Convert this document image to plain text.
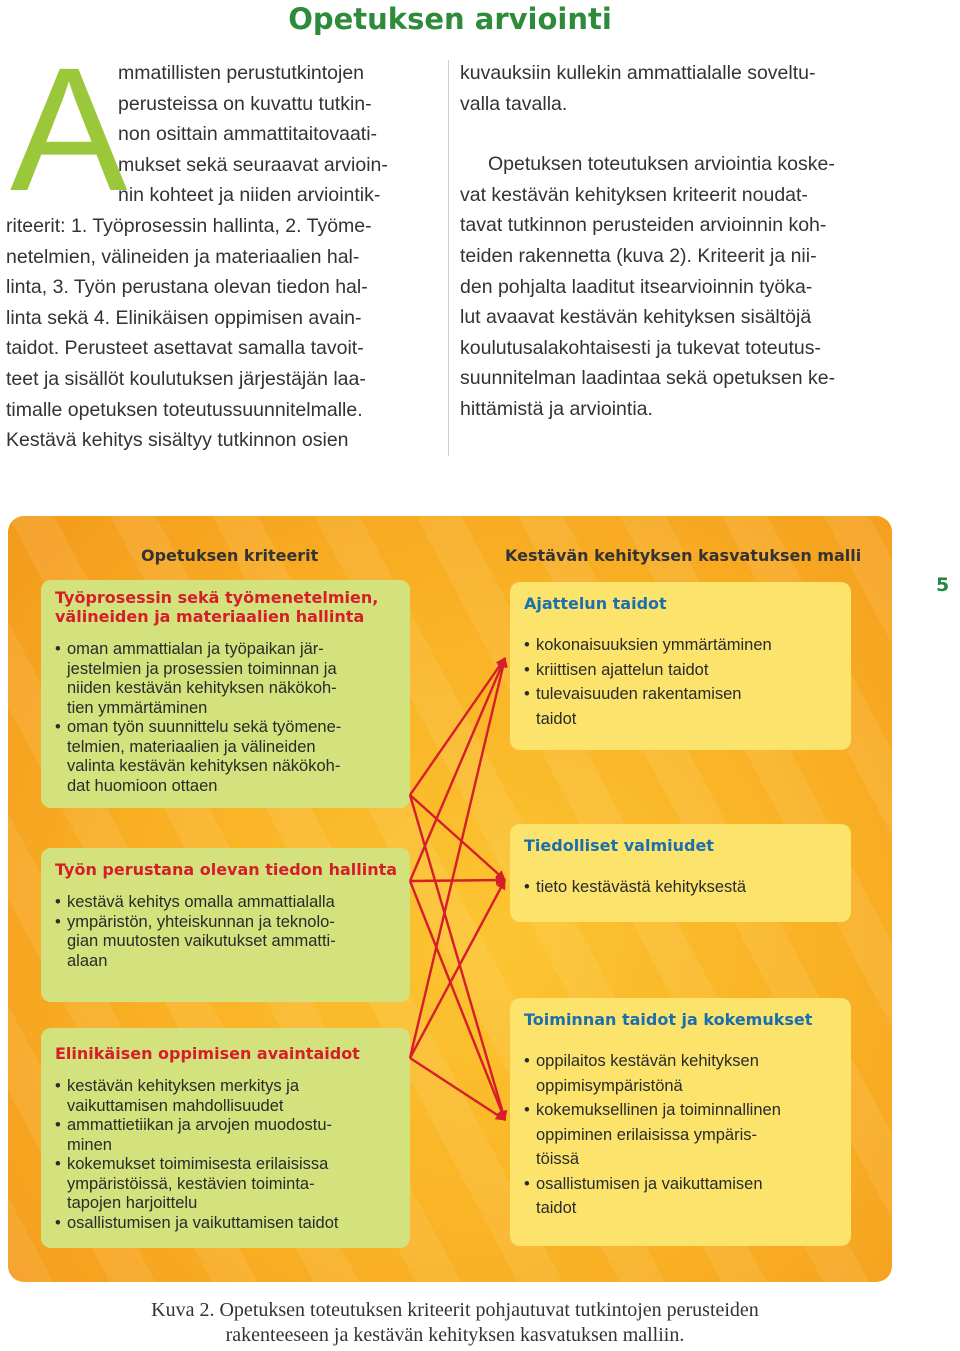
Opetuksen arviointi
A

mmatillisten perustutkintojen
perusteissa on kuvattu tutkin-
non osittain ammattitaitovaati-
mukset sekä seuraavat arvioin-
nin kohteet ja niiden arviointik-
riteerit: 1. Työprosessin hallinta, 2. Työme-
netelmien, välineiden ja materiaalien hal-
linta, 3. Työn perustana olevan tiedon hal-
linta sekä 4. Elinikäisen oppimisen avain-
taidot. Perusteet asettavat samalla tavoit-
teet ja sisällöt koulutuksen järjestäjän laa-
timalle opetuksen toteutussuunnitelmalle.
Kestävä kehitys sisältyy tutkinnon osien

kuvauksiin kullekin ammattialalle soveltu-
valla tavalla.

Opetuksen toteutuksen arviointia koske-
vat kestävän kehityksen kriteerit noudat-
tavat tutkinnon perusteiden arvioinnin koh-
teiden rakennetta (kuva 2). Kriteerit ja nii-
den pohjalta laaditut itsearvioinnin työka-
lut avaavat kestävän kehityksen sisältöjä
koulutusalakohtaisesti ja tukevat toteutus-
suunnitelman laadintaa sekä opetuksen ke-
hittämistä ja arviointia.

5
Opetuksen kriteerit	Kestävän kehityksen kasvatuksen malli
Työprosessin sekä työmenetelmien,
välineiden ja materiaalien hallinta
• oman ammattialan ja työpaikan jär-
jestelmien ja prosessien toiminnan ja
niiden kestävän kehityksen näkökoh-
tien ymmärtäminen
• oman työn suunnittelu sekä työmene-
telmien, materiaalien ja välineiden
valinta kestävän kehityksen näkökoh-
dat huomioon ottaen
Työn perustana olevan tiedon hallinta
• kestävä kehitys omalla ammattialalla
• ympäristön, yhteiskunnan ja teknolo-
gian muutosten vaikutukset ammatti-
alaan
Elinikäisen oppimisen avaintaidot
• kestävän kehityksen merkitys ja
vaikuttamisen mahdollisuudet
• ammattietiikan ja arvojen muodostu-
minen
• kokemukset toimimisesta erilaisissa
ympäristöissä, kestävien toiminta-
tapojen harjoittelu
• osallistumisen ja vaikuttamisen taidot
Ajattelun taidot
• kokonaisuuksien ymmärtäminen
• kriittisen ajattelun taidot
• tulevaisuuden rakentamisen
taidot
Tiedolliset valmiudet
• tieto kestävästä kehityksestä
Toiminnan taidot ja kokemukset
• oppilaitos kestävän kehityksen
oppimisympäristönä
• kokemuksellinen ja toiminnallinen
oppiminen erilaisissa ympäris-
töissä
• osallistumisen ja vaikuttamisen
taidot
Kuva 2. Opetuksen toteutuksen kriteerit pohjautuvat tutkintojen perusteiden
rakenteeseen ja kestävän kehityksen kasvatuksen malliin.
